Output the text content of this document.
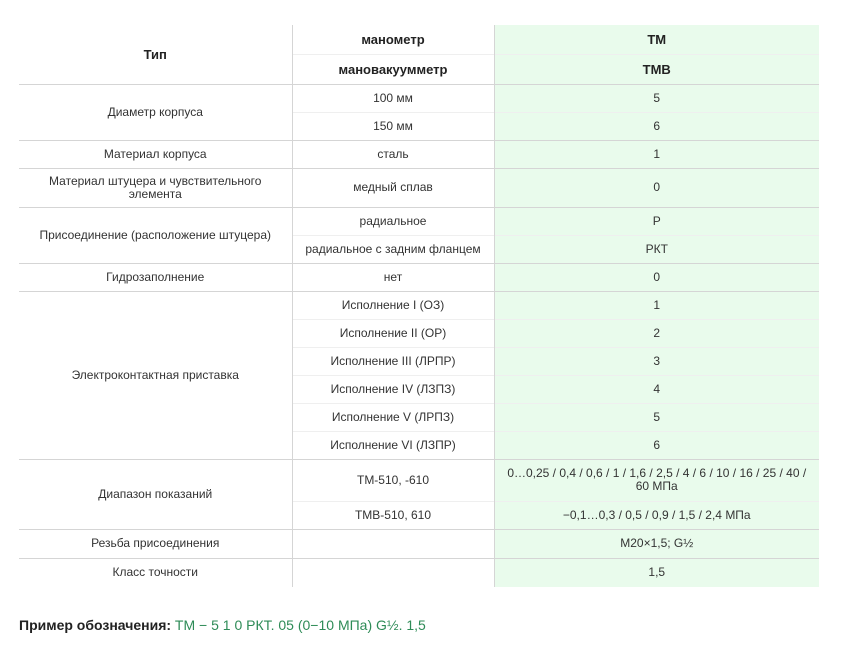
Тип	манометр	ТМ
	мановакуумметр	ТМВ
Диаметр корпуса	100 мм	5
	150 мм	6
Материал корпуса	сталь	1
Материал штуцера и чувствительного элемента	медный сплав	0
Присоединение (расположение штуцера)	радиальное	Р
	радиальное с задним фланцем	РКТ
Гидрозаполнение	нет	0
Электроконтактная приставка	Исполнение I (ОЗ)	1
	Исполнение II (ОР)	2
	Исполнение III (ЛРПР)	3
	Исполнение IV (ЛЗПЗ)	4
	Исполнение V (ЛРПЗ)	5
	Исполнение VI (ЛЗПР)	6
Диапазон показаний	ТМ-510, -610	0…0,25 / 0,4 / 0,6 / 1 / 1,6 / 2,5 / 4 / 6 / 10 / 16 / 25 / 40 / 60 МПа
	ТМВ-510, 610	−0,1…0,3 / 0,5 / 0,9 / 1,5 / 2,4 МПа
Резьба присоединения		М20×1,5; G½
Класс точности		1,5
Пример обозначения: ТМ − 5 1 0 РКТ. 05 (0−10 МПа) G½. 1,5
